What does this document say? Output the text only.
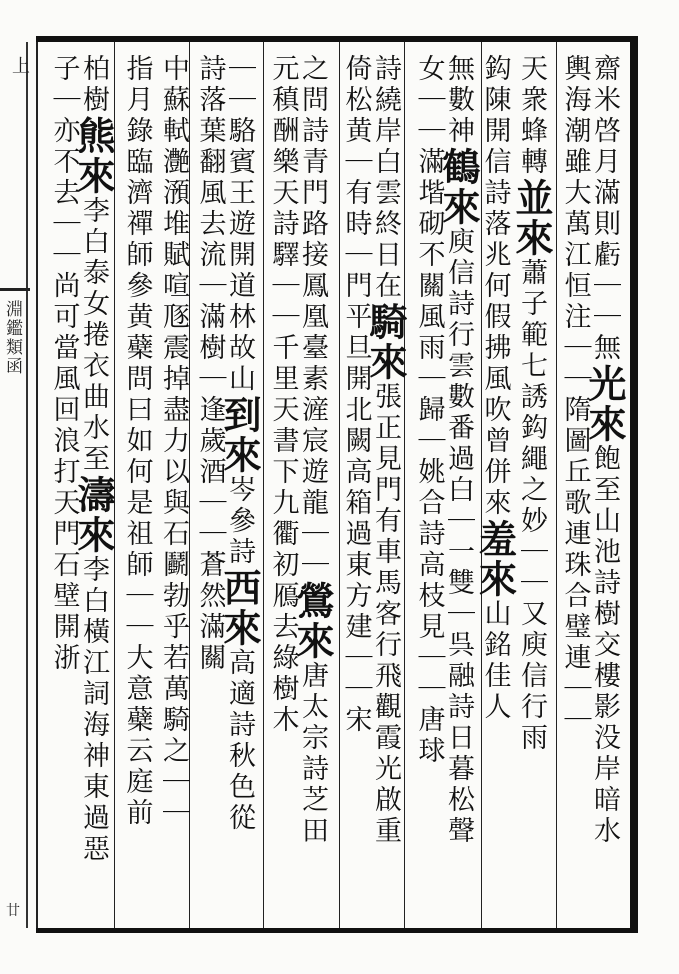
上
淵鑑類函
廿
齋米啓月滿則虧｜｜無光來飽至山池詩樹交樓影没岸暗水
輿海潮雖大萬江恒注｜｜隋圖丘歌連珠合璧連｜｜
天衆蜂轉並來蕭子範七誘鈎繩之妙｜｜又庾信行雨
鈎陳開信詩落兆何假拂風吹曾併來羞來山銘佳人
無數神鶴來庾信詩行雲數番過白｜一雙｜呉融詩日暮松聲
女｜｜滿堦砌不關風雨｜歸｜姚合詩高枝見｜｜唐球
詩繞岸白雲終日在騎來張正見門有車馬客行飛觀霞光啟重
倚松黄｜有時｜門平旦開北闕高箱過東方建｜｜宋
之問詩青門路接鳳凰臺素滻宸遊龍｜｜鶯來唐太宗詩芝田
元稹酬樂天詩驛｜｜千里天書下九衢初鴈去綠樹木
｜｜駱賓王遊開道林故山到來岑參詩西來高適詩秋色從
詩落葉翻風去流｜滿樹｜逢歲酒｜｜蒼然滿關
中蘇軾灔澦堆賦喧豗震掉盡力以與石鬬勃乎若萬騎之｜｜
指月錄臨濟禪師參黄蘗問曰如何是祖師｜｜大意蘗云庭前
柏樹熊來李白泰女捲衣曲水至濤來李白橫江詞海神東過惡
子｜亦不去｜｜尚可當風回浪打天門石壁開浙
